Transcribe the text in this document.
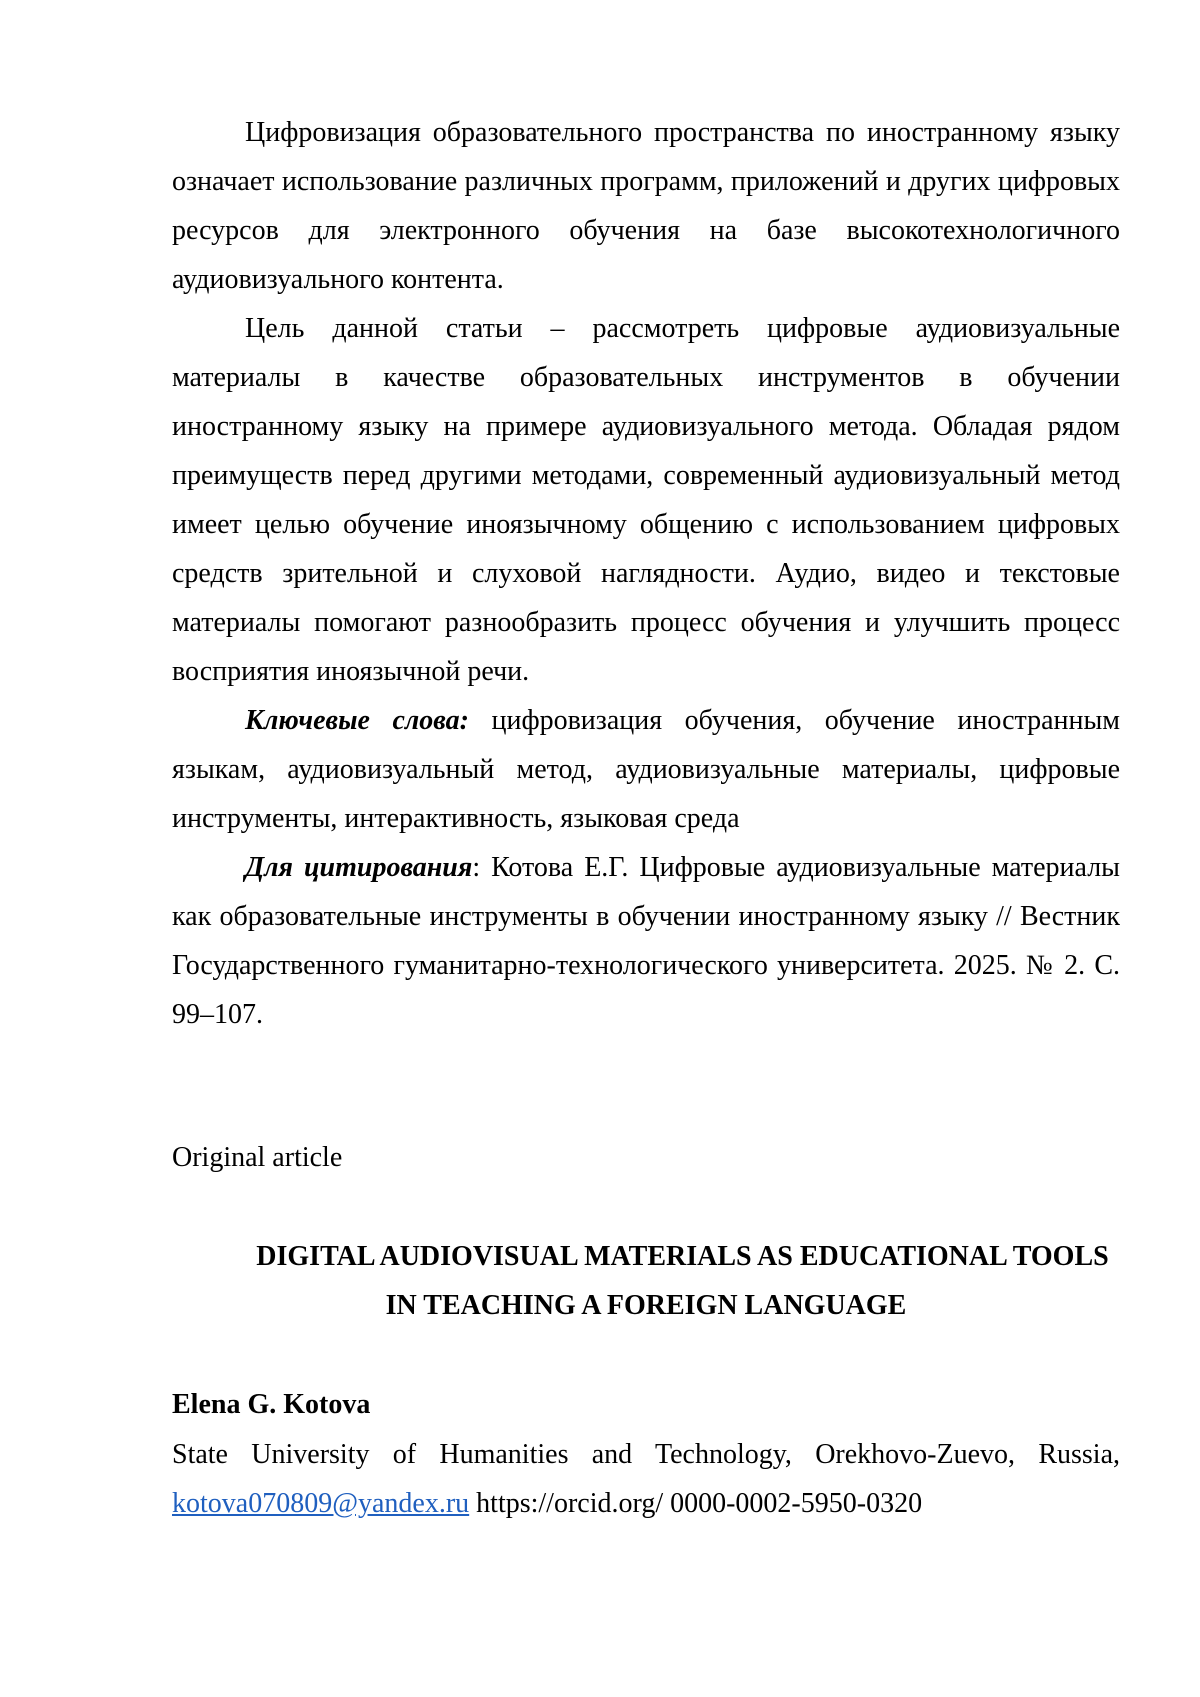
Цифровизация образовательного пространства по иностранному языку означает использование различных программ, приложений и других цифровых ресурсов для электронного обучения на базе высокотехнологичного аудиовизуального контента.

Цель данной статьи – рассмотреть цифровые аудиовизуальные материалы в качестве образовательных инструментов в обучении иностранному языку на примере аудиовизуального метода. Обладая рядом преимуществ перед другими методами, современный аудиовизуальный метод имеет целью обучение иноязычному общению с использованием цифровых средств зрительной и слуховой наглядности. Аудио, видео и текстовые материалы помогают разнообразить процесс обучения и улучшить процесс восприятия иноязычной речи.

Ключевые слова: цифровизация обучения, обучение иностранным языкам, аудиовизуальный метод, аудиовизуальные материалы, цифровые инструменты, интерактивность, языковая среда

Для цитирования: Котова Е.Г. Цифровые аудиовизуальные материалы как образовательные инструменты в обучении иностранному языку // Вестник Государственного гуманитарно-технологического университета. 2025. № 2. С. 99–107.

Original article

DIGITAL AUDIOVISUAL MATERIALS AS EDUCATIONAL TOOLS
IN TEACHING A FOREIGN LANGUAGE

Elena G. Kotova

State University of Humanities and Technology, Orekhovo-Zuevo, Russia, kotova070809@yandex.ru https://orcid.org/ 0000-0002-5950-0320
